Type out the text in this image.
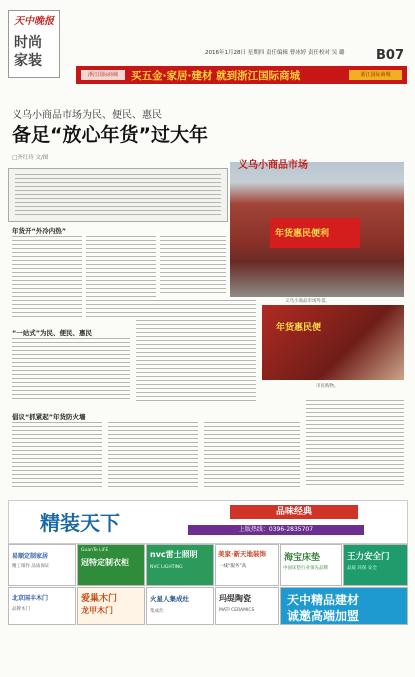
天中晚报
时尚
家装	2016年1月28日 星期四 责任编辑 曹冰婷 责任校对 吴 璐 B07
浙江国际商城	买五金·家居·建材 就到浙江国际商城	浙江国际商城
义乌小商品市场为民、便民、惠民
备足“放心年货”过大年
□齐红玲 文/图
年货开“外冷内热”
“一站式”为民、便民、惠民
倡议“抓紧起”年货防火墙
义乌小商品市场
年货惠民便利
义乌小商品市场外景。
年货惠民便
市民购物。
精装天下	品味经典
上版热线：0396-2835707
易顺定制家居
精工细作 品质保证
GuanTe LiFE
冠特定制衣柜
nvc雷士照明
NVC LIGHTING
美家·新天地装饰
一线“服务”高
海宝床垫
中国床垫行业领先品牌
王力安全门
品质 环保 安全
北京国丰木门
品牌木门
爱巢木门
龙甲木门
火星人集成灶
集成灶
玛缇陶瓷
MATI CERAMICS
天中精品建材
诚邀高端加盟
